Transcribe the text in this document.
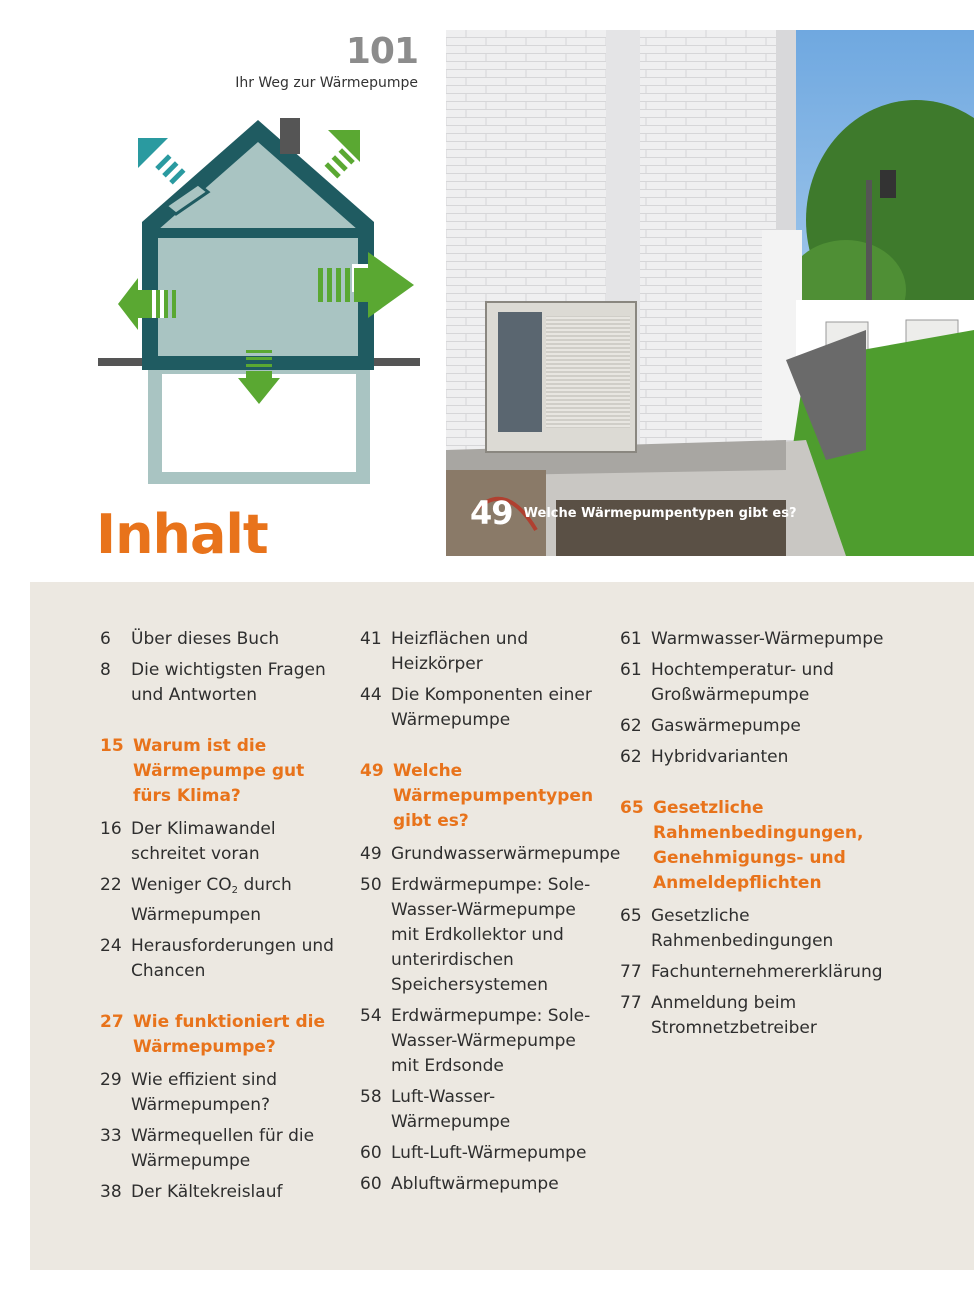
101
Ihr Weg zur Wärmepumpe
Inhalt	49 Welche Wärmepumpentypen gibt es?
6	Über dieses Buch
8	Die wichtigsten Fragen und Antworten
15 Warum ist die Wärmepumpe gut fürs Klima?
16 Der Klimawandel schreitet voran
22 Weniger $CO_2$ durch Wärmepumpen
24 Herausforderungen und Chancen
27 Wie funktioniert die Wärmepumpe?
29 Wie effizient sind Wärmepumpen?
33 Wärmequellen für die Wärmepumpe
38 Der Kältekreislauf
41 Heizflächen und Heizkörper
44 Die Komponenten einer Wärmepumpe
49 Welche Wärmepumpentypen gibt es?
49 Grundwasserwärmepumpe
50 Erdwärmepumpe: Sole-Wasser-Wärmepumpe mit Erdkollektor und unterirdischen Speichersystemen
54 Erdwärmepumpe: Sole-Wasser-Wärmepumpe mit Erdsonde
58 Luft-Wasser-Wärmepumpe
60 Luft-Luft-Wärmepumpe
60 Abluftwärmepumpe
61 Warmwasser-Wärmepumpe
61 Hochtemperatur- und Großwärmepumpe
62 Gaswärmepumpe
62 Hybridvarianten
65 Gesetzliche Rahmenbedingungen, Genehmigungs- und Anmeldepflichten
65 Gesetzliche Rahmenbedingungen
77 Fachunternehmererklärung
77 Anmeldung beim Stromnetzbetreiber
